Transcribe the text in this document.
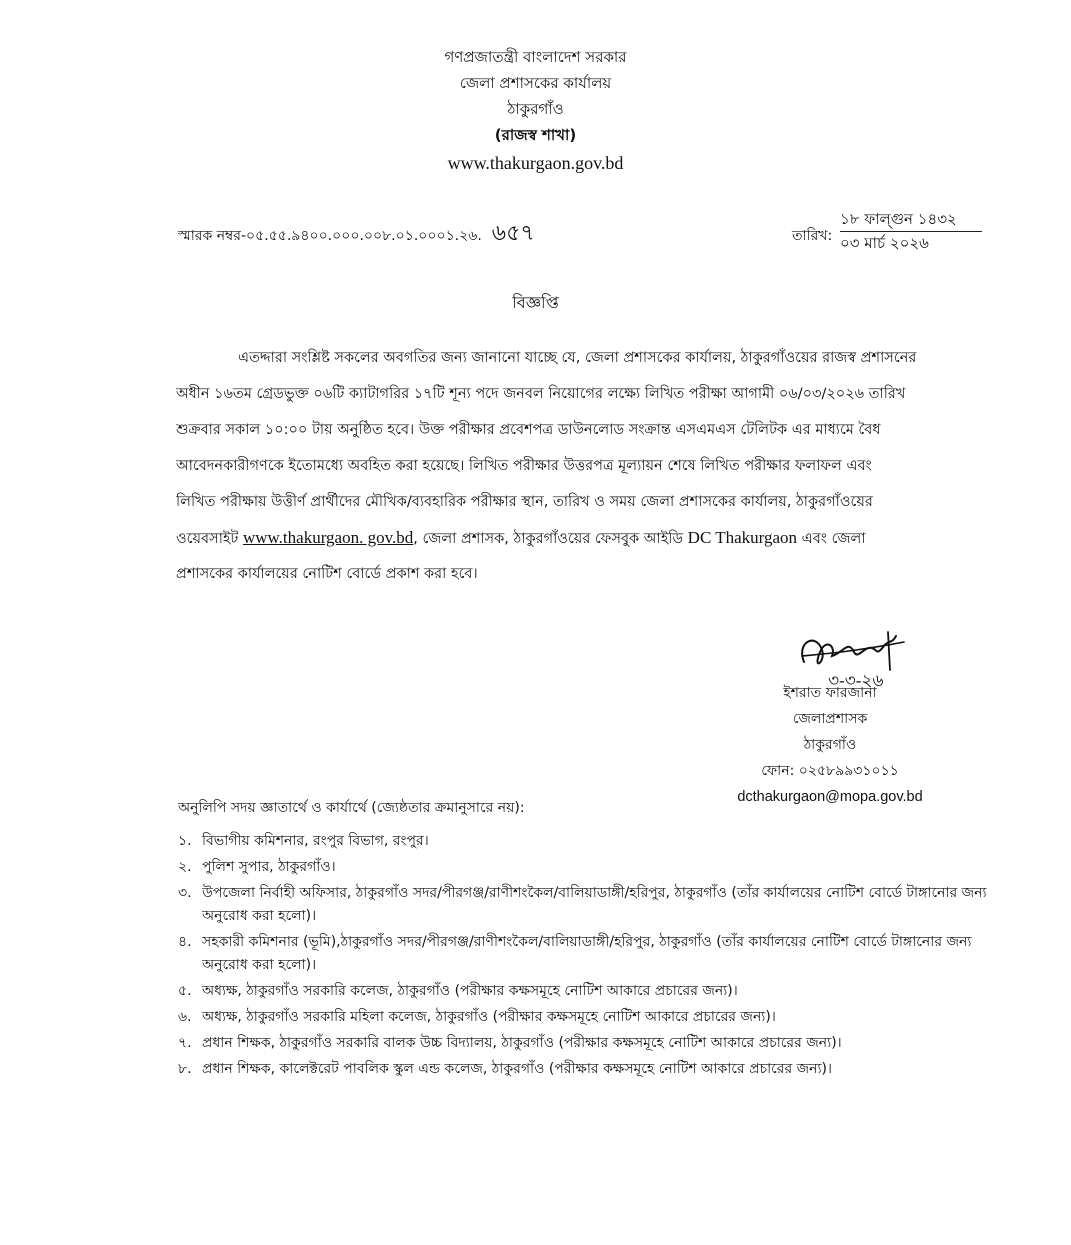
গণপ্রজাতন্ত্রী বাংলাদেশ সরকার
জেলা প্রশাসকের কার্যালয়
ঠাকুরগাঁও
(রাজস্ব শাখা)
www.thakurgaon.gov.bd
স্মারক নম্বর-০৫.৫৫.৯৪০০.০০০.০০৮.০১.০০০১.২৬. ৬৫৭	তারিখ:
১৮ ফাল্গুন ১৪৩২
০৩ মার্চ ২০২৬
বিজ্ঞপ্তি
এতদ্দারা সংশ্লিষ্ট সকলের অবগতির জন্য জানানো যাচ্ছে যে, জেলা প্রশাসকের কার্যালয়, ঠাকুরগাঁওয়ের রাজস্ব প্রশাসনের
অধীন ১৬তম গ্রেডভুক্ত ০৬টি ক্যাটাগরির ১৭টি শূন্য পদে জনবল নিয়োগের লক্ষ্যে লিখিত পরীক্ষা আগামী ০৬/০৩/২০২৬ তারিখ
শুক্রবার সকাল ১০:০০ টায় অনুষ্ঠিত হবে। উক্ত পরীক্ষার প্রবেশপত্র ডাউনলোড সংক্রান্ত এসএমএস টেলিটক এর মাধ্যমে বৈধ
আবেদনকারীগণকে ইতোমধ্যে অবহিত করা হয়েছে। লিখিত পরীক্ষার উত্তরপত্র মূল্যায়ন শেষে লিখিত পরীক্ষার ফলাফল এবং
লিখিত পরীক্ষায় উত্তীর্ণ প্রার্থীদের মৌখিক/ব্যবহারিক পরীক্ষার স্থান, তারিখ ও সময় জেলা প্রশাসকের কার্যালয়, ঠাকুরগাঁওয়ের
ওয়েবসাইট www.thakurgaon. gov.bd, জেলা প্রশাসক, ঠাকুরগাঁওয়ের ফেসবুক আইডি DC Thakurgaon এবং জেলা
প্রশাসকের কার্যালয়ের নোটিশ বোর্ডে প্রকাশ করা হবে।
৩-৩-২৬
ইশরাত ফারজানা
জেলাপ্রশাসক
ঠাকুরগাঁও
ফোন: ০২৫৮৯৯৩১০১১
dcthakurgaon@mopa.gov.bd
অনুলিপি সদয় জ্ঞাতার্থে ও কার্যার্থে (জ্যেষ্ঠতার ক্রমানুসারে নয়):
১. বিভাগীয় কমিশনার, রংপুর বিভাগ, রংপুর।
২. পুলিশ সুপার, ঠাকুরগাঁও।
৩. উপজেলা নির্বাহী অফিসার, ঠাকুরগাঁও সদর/পীরগঞ্জ/রাণীশংকৈল/বালিয়াডাঙ্গী/হরিপুর, ঠাকুরগাঁও (তাঁর কার্যালয়ের নোটিশ বোর্ডে টাঙ্গানোর জন্য অনুরোধ করা হলো)।
৪. সহকারী কমিশনার (ভূমি),ঠাকুরগাঁও সদর/পীরগঞ্জ/রাণীশংকৈল/বালিয়াডাঙ্গী/হরিপুর, ঠাকুরগাঁও (তাঁর কার্যালয়ের নোটিশ বোর্ডে টাঙ্গানোর জন্য অনুরোধ করা হলো)।
৫. অধ্যক্ষ, ঠাকুরগাঁও সরকারি কলেজ, ঠাকুরগাঁও (পরীক্ষার কক্ষসমূহে নোটিশ আকারে প্রচারের জন্য)।
৬. অধ্যক্ষ, ঠাকুরগাঁও সরকারি মহিলা কলেজ, ঠাকুরগাঁও (পরীক্ষার কক্ষসমূহে নোটিশ আকারে প্রচারের জন্য)।
৭. প্রধান শিক্ষক, ঠাকুরগাঁও সরকারি বালক উচ্চ বিদ্যালয়, ঠাকুরগাঁও (পরীক্ষার কক্ষসমূহে নোটিশ আকারে প্রচারের জন্য)।
৮. প্রধান শিক্ষক, কালেক্টরেট পাবলিক স্কুল এন্ড কলেজ, ঠাকুরগাঁও (পরীক্ষার কক্ষসমূহে নোটিশ আকারে প্রচারের জন্য)।
